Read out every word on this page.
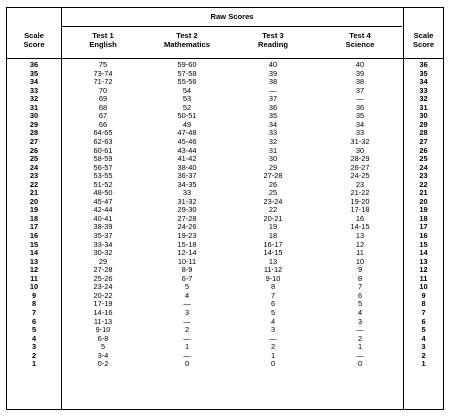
Raw Scores
Scale
Score
Scale
Score
Test 1
English
Test 2
Mathematics
Test 3
Reading
Test 4
Science
36	75	59-60	40	40	36
35	73-74	57-58	39	39	35
34	71-72	55-56	38	38	34
33	70	54	—	37	33
32	69	53	37	—	32
31	68	52	36	36	31
30	67	50-51	35	35	30
29	66	49	34	34	29
28	64-65	47-48	33	33	28
27	62-63	45-46	32	31-32	27
26	60-61	43-44	31	30	26
25	58-59	41-42	30	28-29	25
24	56-57	38-40	29	26-27	24
23	53-55	36-37	27-28	24-25	23
22	51-52	34-35	26	23	22
21	48-50	33	25	21-22	21
20	45-47	31-32	23-24	19-20	20
19	42-44	29-30	22	17-18	19
18	40-41	27-28	20-21	16	18
17	38-39	24-26	19	14-15	17
16	35-37	19-23	18	13	16
15	33-34	15-18	16-17	12	15
14	30-32	12-14	14-15	11	14
13	29	10-11	13	10	13
12	27-28	8-9	11-12	9	12
11	25-26	6-7	9-10	8	11
10	23-24	5	8	7	10
9	20-22	4	7	6	9
8	17-19	—	6	5	8
7	14-16	3	5	4	7
6	11-13	—	4	3	6
5	9-10	2	3	—	5
4	6-8	—	—	2	4
3	5	1	2	1	3
2	3-4	—	1	—	2
1	0-2	0	0	0	1
